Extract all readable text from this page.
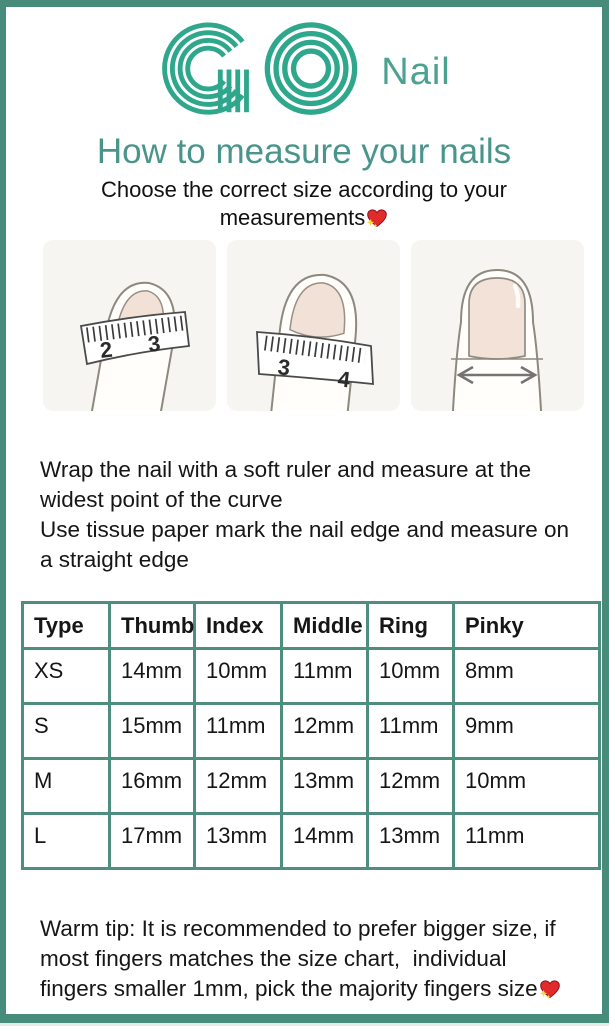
Nail
How to measure your nails

Choose the correct size according to your measurements

2 3
3 4

Wrap the nail with a soft ruler and measure at the widest point of the curve

Use tissue paper mark the nail edge and measure on a straight edge

Type	Thumb	Index	Middle	Ring	Pinky
XS	14mm	10mm	11mm	10mm	8mm
S	15mm	11mm	12mm	11mm	9mm
M	16mm	12mm	13mm	12mm	10mm
L	17mm	13mm	14mm	13mm	11mm

Warm tip: It is recommended to prefer bigger size, if most fingers matches the size chart,  individual fingers smaller 1mm, pick the majority fingers size
